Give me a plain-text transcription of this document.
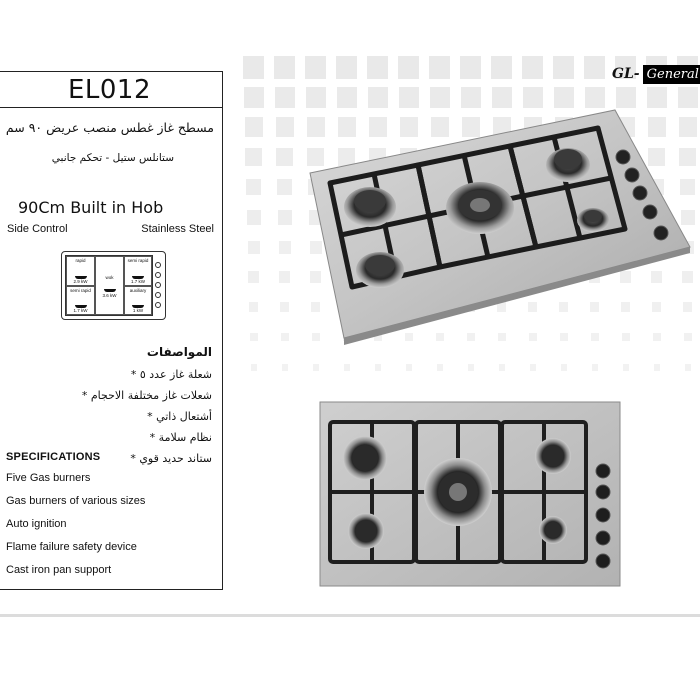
EL012
مسطح غاز غطس منصب عريض ٩٠ سم
ستانلس ستيل - تحكم جانبي
90Cm Built in Hob
Side Control	Stainless Steel
rapid
2.9 kW
wok
3.6 kW
semi rapid
1.7 kW
semi rapid
1.7 kW
auxiliary
1 kW
المواصفات
شعلة غاز عدد ٥ *
شعلات غاز مختلفة الاحجام *
أشتعال ذاتي *
نظام سلامة *
ستاند حديد قوي *
SPECIFICATIONS
Five Gas burners
Gas burners of various sizes
Auto ignition
Flame failure safety device
Cast iron pan support
GL- General
